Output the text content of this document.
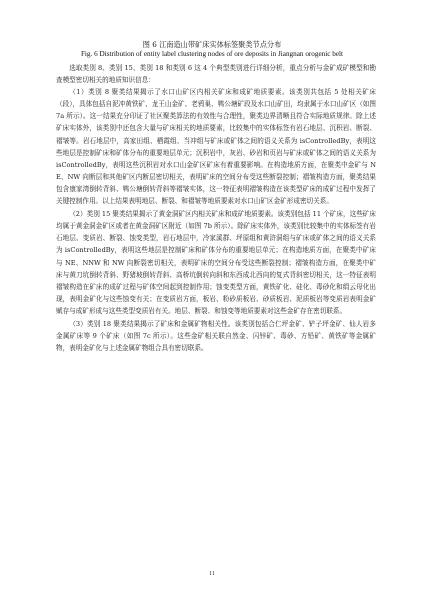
图 6 江南造山带矿床实体标签聚类节点分布
Fig. 6 Distribution of entity label clustering nodes of ore deposits in Jiangnan orogenic belt

选取类别 8、类别 15、类别 18 和类别 6 这 4 个典型类别进行详细分析，重点分析与金矿成矿模型和勘查模型密切相关的地质知识信息：

（1）类别 8 聚类结果揭示了水口山矿区内相关矿床和成矿地质要素。该类别共包括 5 处相关矿床（段），具体包括自泥冲黄铁矿、龙王山金矿、老鸦巢、鸭公塘矿段及水口山矿田，均隶属于水口山矿区（如图 7a 所示）。这一结果充分印证了社区聚类算法的有效性与合理性，聚类边界清晰且符合实际地质规律。除上述矿床实体外，该类别中还包含大量与矿床相关的地质要素，比较集中的实体标签有岩石地层、沉积岩、断裂、褶皱等。岩石地层中，高家田组、栖霞组、当冲组与矿床或矿体之间的语义关系为 isControlledBy，表明这些地层是控制矿床和矿体分布的重要地层单元；沉积岩中，灰岩、砂岩和页岩与矿床或矿体之间的语义关系为 isControlledBy，表明这些沉积岩对水口山金矿区矿床有着重要影响。在构造地质方面，在聚类中金矿与 NE、NW 向断层和其他矿区内断层密切相关，表明矿床的空间分布受这些断裂控制；褶皱构造方面，聚类结果包含康家湾倒转背斜、鸭公塘倒转背斜等褶皱实体，这一特征表明褶皱构造在该类型矿床的成矿过程中发挥了关键控制作用。以上结果表明地层、断裂、和褶皱等地质要素对水口山矿区金矿形成密切关系。

（2）类别 15 聚类结果揭示了黄金洞矿区内相关矿床和成矿地质要素。该类别包括 11 个矿床，这些矿床均属于黄金洞金矿区或者在黄金洞矿区附近（如图 7b 所示）。除矿床实体外，该类别比较集中的实体标签有岩石地层、变质岩、断裂、蚀变类型，岩石地层中，冷家溪群、坪原组和黄浒洞组与矿床或矿体之间的语义关系为 isControlledBy，表明这些地层是控制矿床和矿体分布的重要地层单元；在构造地质方面，在聚类中矿床与 NE、NNW 和 NW 向断裂密切相关，表明矿床的空间分布受这些断裂控制；褶皱构造方面，在聚类中矿床与黄刀坑倒转背斜、野猪坡倒转背斜、高桥坑倒转向斜和东西成北西向的复式背斜密切相关，这一特征表明褶皱构造在矿床的成矿过程与矿体空间起到控制作用；蚀变类型方面，黄铁矿化、硅化、毒砂化和绢云母化出现，表明金矿化与这些蚀变有关；在变质岩方面，板岩、粉砂质板岩、砂质板岩、泥质板岩等变质岩表明金矿赋存与成矿形成与这些类型变质岩有关。地层、断裂、和蚀变等地质要素对这些金矿存在密切联系。

（3）类别 18 聚类结果揭示了矿床和金属矿物相关性。该类别包括合仁坪金矿、铲子坪金矿、仙人岩多金属矿床等 9 个矿床（如图 7c 所示）。这些金矿相关联自然金、闪锌矿、毒砂、方铅矿、黄铁矿等金属矿物，表明金矿化与上述金属矿物组合具有密切联系。

11
